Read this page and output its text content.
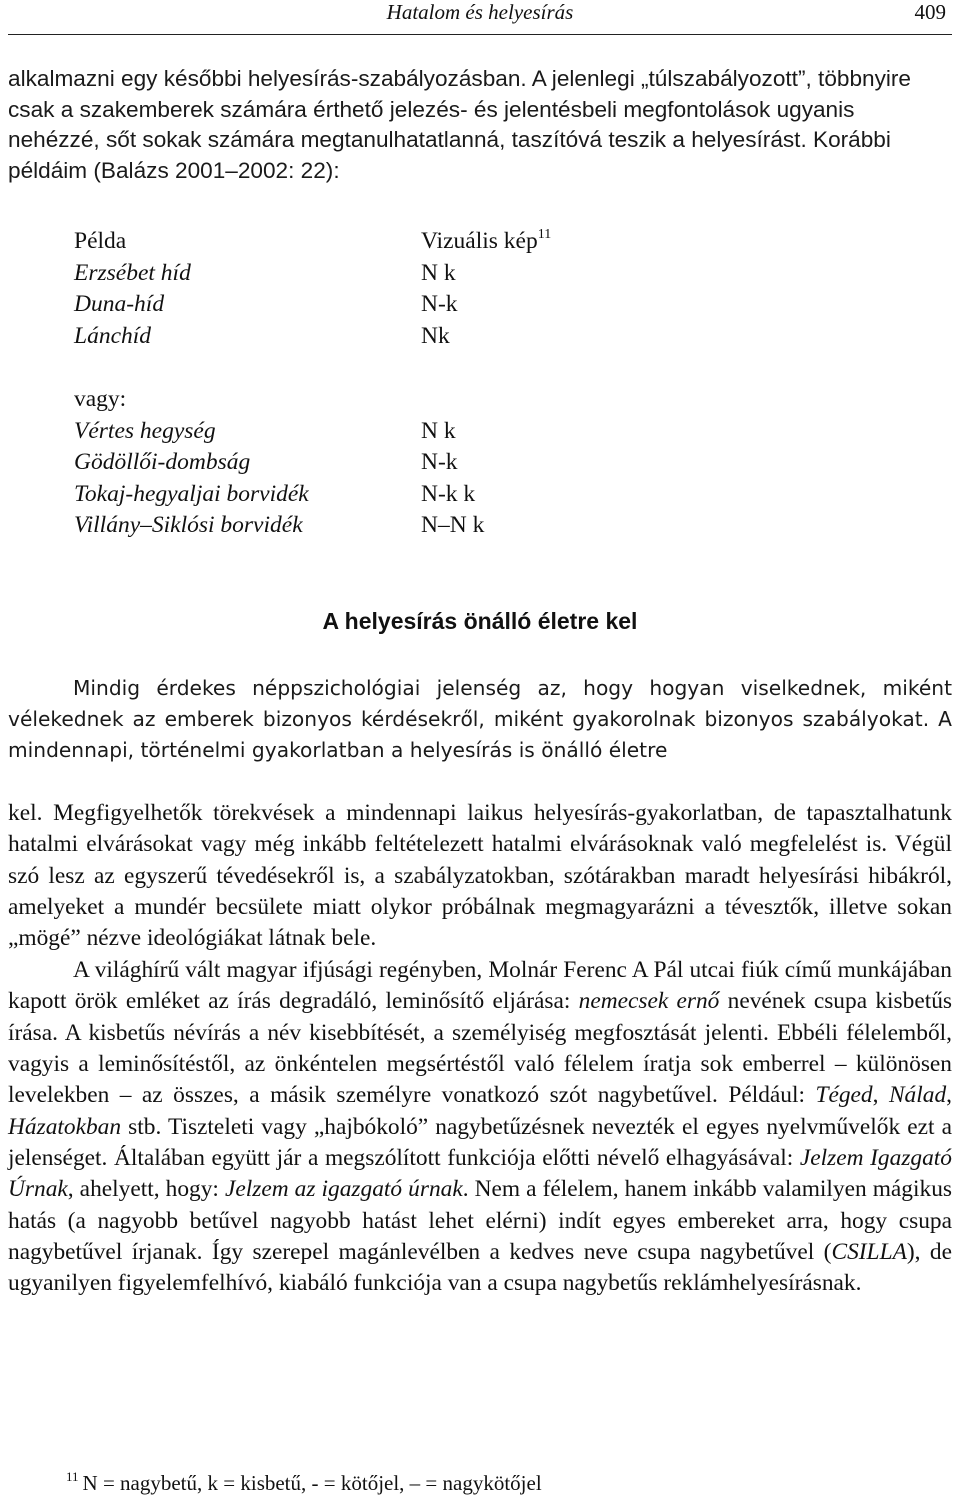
Hatalom és helyesírás	409
alkalmazni egy későbbi helyesírás-szabályozásban. A jelenlegi „túlszabályozott”, többnyire csak a szakemberek számára érthető jelezés- és jelentésbeli megfontolások ugyanis nehézzé, sőt sokak számára megtanulhatatlanná, taszítóvá teszik a helyesírást. Korábbi példáim (Balázs 2001–2002: 22):
Példa	Vizuális kép$^{11}$
Erzsébet híd	N k
Duna-híd	N-k
Lánchíd	Nk
vagy:
Vértes hegység	N k
Gödöllői-dombság	N-k
Tokaj-hegyaljai borvidék	N-k k
Villány–Siklósi borvidék	N–N k
A helyesírás önálló életre kel
Mindig érdekes néppszichológiai jelenség az, hogy hogyan viselkednek, miként vélekednek az emberek bizonyos kérdésekről, miként gyakorolnak bizonyos szabályokat. A mindennapi, történelmi gyakorlatban a helyesírás is önálló életre
kel. Megfigyelhetők törekvések a mindennapi laikus helyesírás-gyakorlatban, de tapasztalhatunk hatalmi elvárásokat vagy még inkább feltételezett hatalmi elvárásoknak való megfelelést is. Végül szó lesz az egyszerű tévedésekről is, a szabályzatokban, szótárakban maradt helyesírási hibákról, amelyeket a mundér becsülete miatt olykor próbálnak megmagyarázni a tévesztők, illetve sokan „mögé” nézve ideológiákat látnak bele.
A világhírű vált magyar ifjúsági regényben, Molnár Ferenc A Pál utcai fiúk című munkájában kapott örök emléket az írás degradáló, leminősítő eljárása: nemecsek ernő nevének csupa kisbetűs írása. A kisbetűs névírás a név kisebbítését, a személyiség megfosztását jelenti. Ebbéli félelemből, vagyis a leminősítéstől, az önkéntelen megsértéstől való félelem íratja sok emberrel – különösen levelekben – az összes, a másik személyre vonatkozó szót nagybetűvel. Például: Téged, Nálad, Házatokban stb. Tiszteleti vagy „hajbókoló” nagybetűzésnek nevezték el egyes nyelvművelők ezt a jelenséget. Általában együtt jár a megszólított funkciója előtti névelő elhagyásával: Jelzem Igazgató Úrnak, ahelyett, hogy: Jelzem az igazgató úrnak. Nem a félelem, hanem inkább valamilyen mágikus hatás (a nagyobb betűvel nagyobb hatást lehet elérni) indít egyes embereket arra, hogy csupa nagybetűvel írjanak. Így szerepel magánlevélben a kedves neve csupa nagybetűvel (CSILLA), de ugyanilyen figyelemfelhívó, kiabáló funkciója van a csupa nagybetűs reklámhelyesírásnak.
$^{11}$ N = nagybetű, k = kisbetű, - = kötőjel, – = nagykötőjel
